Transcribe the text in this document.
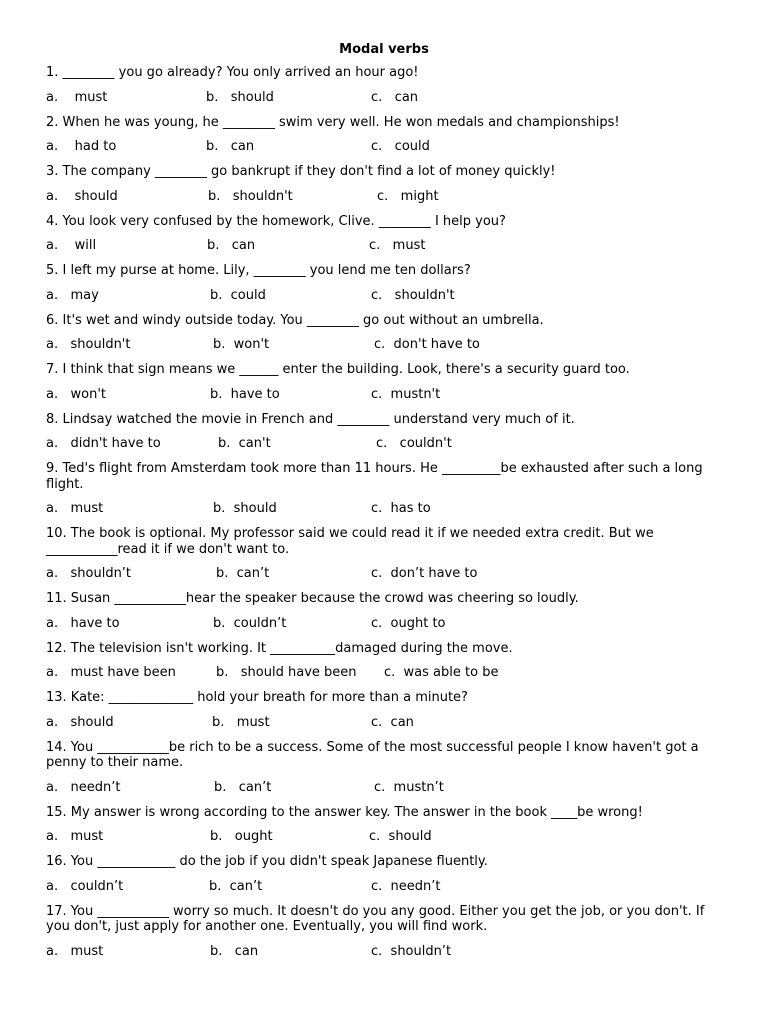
Modal verbs

1. ________ you go already? You only arrived an hour ago!

a.    must	b.   should	c.   can

2. When he was young, he ________ swim very well. He won medals and championships!

a.    had to	b.   can	c.   could

3. The company ________ go bankrupt if they don't find a lot of money quickly!

a.    should	b.   shouldn't	c.   might

4. You look very confused by the homework, Clive. ________ I help you?

a.    will	b.   can	c.   must

5. I left my purse at home. Lily, ________ you lend me ten dollars?

a.   may	b.  could	c.   shouldn't

6. It's wet and windy outside today. You ________ go out without an umbrella.

a.   shouldn't	b.  won't	c.  don't have to

7. I think that sign means we ______ enter the building. Look, there's a security guard too.

a.   won't	b.  have to	c.  mustn't

8. Lindsay watched the movie in French and ________ understand very much of it.

a.   didn't have to	b.  can't	c.   couldn't

9. Ted's flight from Amsterdam took more than 11 hours. He _________be exhausted after such a long flight.

a.   must	b.  should	c.  has to

10. The book is optional. My professor said we could read it if we needed extra credit. But we ___________read it if we don't want to.

a.   shouldn’t	b.  can’t	c.  don’t have to

11. Susan ___________hear the speaker because the crowd was cheering so loudly.

a.   have to	b.  couldn’t	c.  ought to

12. The television isn't working. It __________damaged during the move.

a.   must have been	b.   should have been c.  was able to be

13. Kate: _____________ hold your breath for more than a minute?

a.   should	b.   must	c.  can

14. You ___________be rich to be a success. Some of the most successful people I know haven't got a penny to their name.

a.   needn’t	b.   can’t	c.  mustn’t

15. My answer is wrong according to the answer key. The answer in the book ____be wrong!

a.   must	b.   ought	c.  should

16. You ____________ do the job if you didn't speak Japanese fluently.

a.   couldn’t	b.  can’t	c.  needn’t

17. You ___________ worry so much. It doesn't do you any good. Either you get the job, or you don't. If you don't, just apply for another one. Eventually, you will find work.

a.   must	b.   can	c.  shouldn’t
